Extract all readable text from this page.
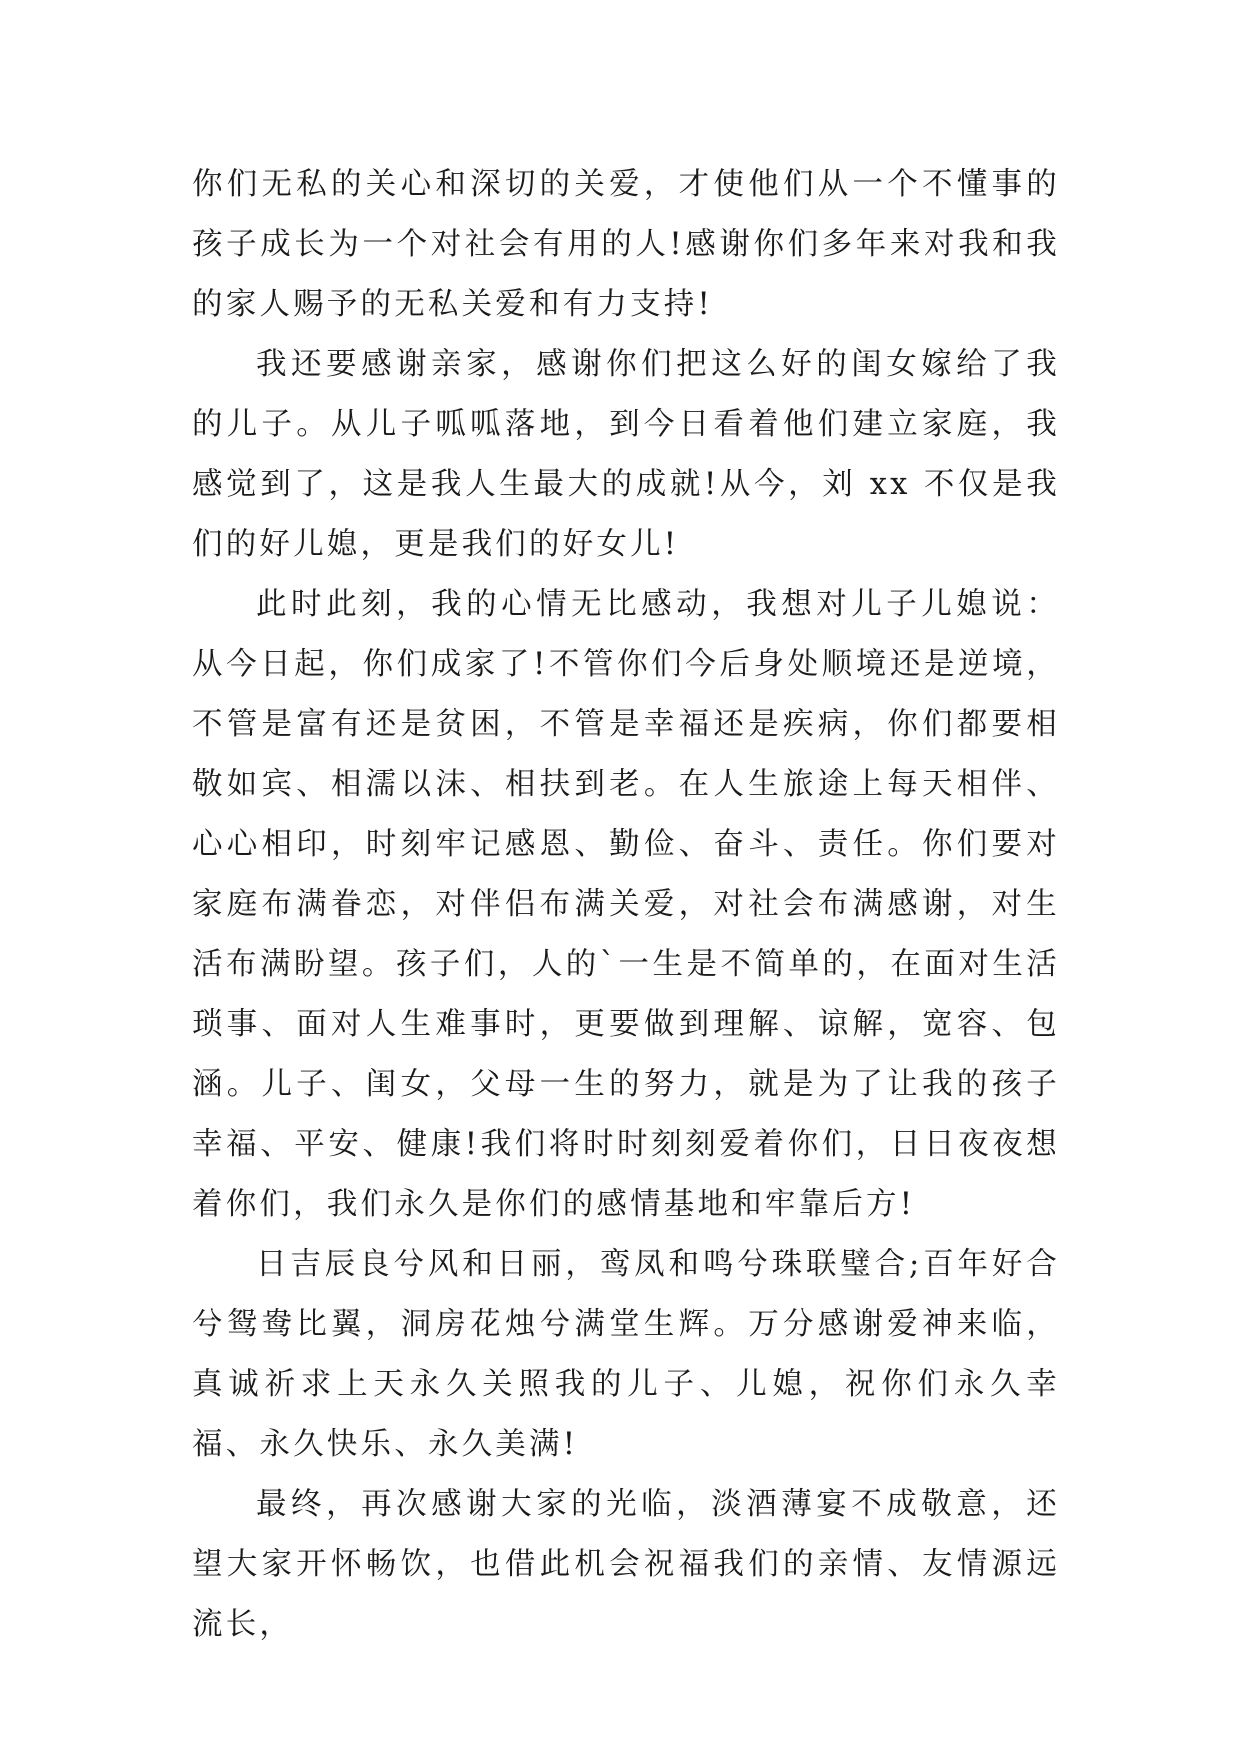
你们无私的关心和深切的关爱，才使他们从一个不懂事的孩子成长为一个对社会有用的人!感谢你们多年来对我和我的家人赐予的无私关爱和有力支持!

我还要感谢亲家，感谢你们把这么好的闺女嫁给了我的儿子。从儿子呱呱落地，到今日看着他们建立家庭，我感觉到了，这是我人生最大的成就!从今，刘 xx 不仅是我们的好儿媳，更是我们的好女儿!

此时此刻，我的心情无比感动，我想对儿子儿媳说：从今日起，你们成家了!不管你们今后身处顺境还是逆境，不管是富有还是贫困，不管是幸福还是疾病，你们都要相敬如宾、相濡以沫、相扶到老。在人生旅途上每天相伴、心心相印，时刻牢记感恩、勤俭、奋斗、责任。你们要对家庭布满眷恋，对伴侣布满关爱，对社会布满感谢，对生活布满盼望。孩子们，人的`一生是不简单的，在面对生活琐事、面对人生难事时，更要做到理解、谅解，宽容、包涵。儿子、闺女，父母一生的努力，就是为了让我的孩子幸福、平安、健康!我们将时时刻刻爱着你们，日日夜夜想着你们，我们永久是你们的感情基地和牢靠后方!

日吉辰良兮风和日丽，鸾凤和鸣兮珠联璧合;百年好合兮鸳鸯比翼，洞房花烛兮满堂生辉。万分感谢爱神来临，真诚祈求上天永久关照我的儿子、儿媳，祝你们永久幸福、永久快乐、永久美满!

最终，再次感谢大家的光临，淡酒薄宴不成敬意，还望大家开怀畅饮，也借此机会祝福我们的亲情、友情源远流长，
